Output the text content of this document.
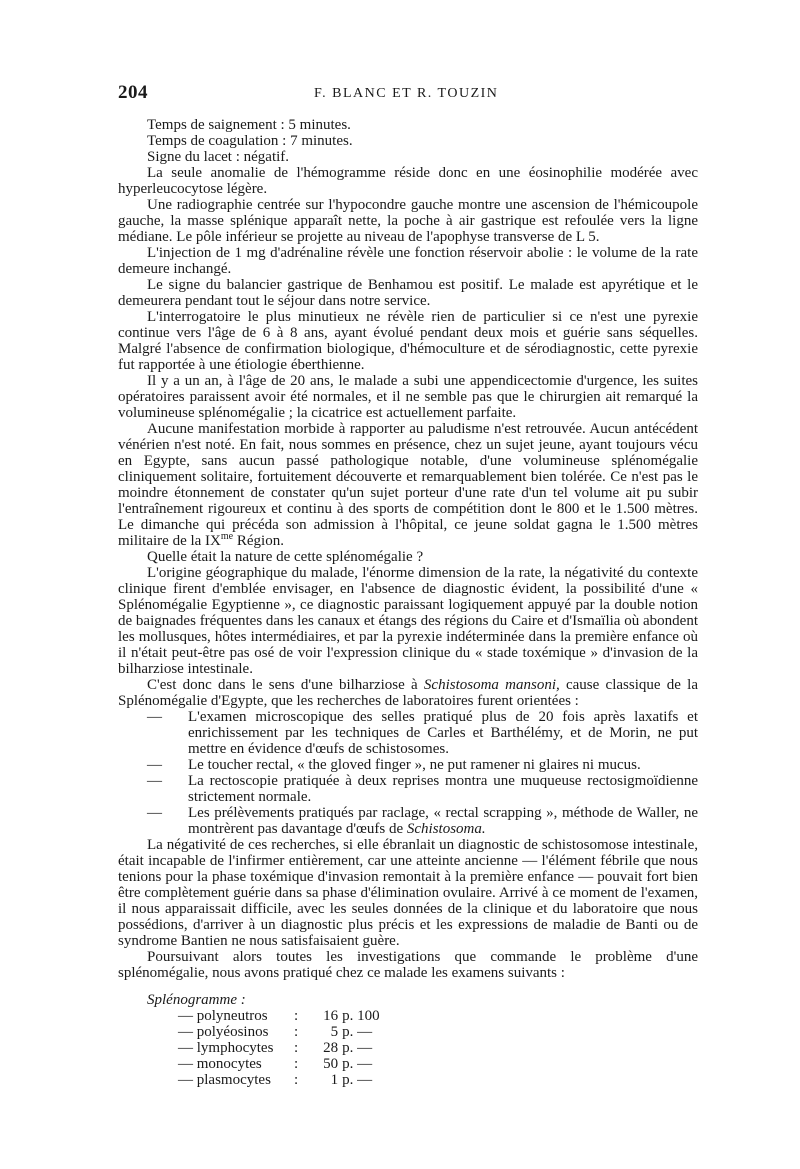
204	F. BLANC ET R. TOUZIN

Temps de saignement : 5 minutes.

Temps de coagulation : 7 minutes.

Signe du lacet : négatif.

La seule anomalie de l'hémogramme réside donc en une éosinophilie modérée avec hyperleucocytose légère.

Une radiographie centrée sur l'hypocondre gauche montre une ascension de l'hémicoupole gauche, la masse splénique apparaît nette, la poche à air gastrique est refoulée vers la ligne médiane. Le pôle inférieur se projette au niveau de l'apophyse transverse de L 5.

L'injection de 1 mg d'adrénaline révèle une fonction réservoir abolie : le volume de la rate demeure inchangé.

Le signe du balancier gastrique de Benhamou est positif. Le malade est apyrétique et le demeurera pendant tout le séjour dans notre service.

L'interrogatoire le plus minutieux ne révèle rien de particulier si ce n'est une pyrexie continue vers l'âge de 6 à 8 ans, ayant évolué pendant deux mois et guérie sans séquelles. Malgré l'absence de confirmation biologique, d'hémoculture et de sérodiagnostic, cette pyrexie fut rapportée à une étiologie éberthienne.

Il y a un an, à l'âge de 20 ans, le malade a subi une appendicectomie d'urgence, les suites opératoires paraissent avoir été normales, et il ne semble pas que le chirurgien ait remarqué la volumineuse splénomégalie ; la cicatrice est actuellement parfaite.

Aucune manifestation morbide à rapporter au paludisme n'est retrouvée. Aucun antécédent vénérien n'est noté. En fait, nous sommes en présence, chez un sujet jeune, ayant toujours vécu en Egypte, sans aucun passé pathologique notable, d'une volumineuse splénomégalie cliniquement solitaire, fortuitement découverte et remarquablement bien tolérée. Ce n'est pas le moindre étonnement de constater qu'un sujet porteur d'une rate d'un tel volume ait pu subir l'entraînement rigoureux et continu à des sports de compétition dont le 800 et le 1.500 mètres. Le dimanche qui précéda son admission à l'hôpital, ce jeune soldat gagna le 1.500 mètres militaire de la $IX^{me}$ Région.

Quelle était la nature de cette splénomégalie ?

L'origine géographique du malade, l'énorme dimension de la rate, la négativité du contexte clinique firent d'emblée envisager, en l'absence de diagnostic évident, la possibilité d'une « Splénomégalie Egyptienne », ce diagnostic paraissant logiquement appuyé par la double notion de baignades fréquentes dans les canaux et étangs des régions du Caire et d'Ismaïlia où abondent les mollusques, hôtes intermédiaires, et par la pyrexie indéterminée dans la première enfance où il n'était peut-être pas osé de voir l'expression clinique du « stade toxémique » d'invasion de la bilharziose intestinale.

C'est donc dans le sens d'une bilharziose à Schistosoma mansoni, cause classique de la Splénomégalie d'Egypte, que les recherches de laboratoires furent orientées :

— L'examen microscopique des selles pratiqué plus de 20 fois après laxatifs et enrichissement par les techniques de Carles et Barthélémy, et de Morin, ne put mettre en évidence d'œufs de schistosomes.
— Le toucher rectal, « the gloved finger », ne put ramener ni glaires ni mucus.
— La rectoscopie pratiquée à deux reprises montra une muqueuse rectosigmoïdienne strictement normale.
— Les prélèvements pratiqués par raclage, « rectal scrapping », méthode de Waller, ne montrèrent pas davantage d'œufs de Schistosoma.

La négativité de ces recherches, si elle ébranlait un diagnostic de schistosomose intestinale, était incapable de l'infirmer entièrement, car une atteinte ancienne — l'élément fébrile que nous tenions pour la phase toxémique d'invasion remontait à la première enfance — pouvait fort bien être complètement guérie dans sa phase d'élimination ovulaire. Arrivé à ce moment de l'examen, il nous apparaissait difficile, avec les seules données de la clinique et du laboratoire que nous possédions, d'arriver à un diagnostic plus précis et les expressions de maladie de Banti ou de syndrome Bantien ne nous satisfaisaient guère.

Poursuivant alors toutes les investigations que commande le problème d'une splénomégalie, nous avons pratiqué chez ce malade les examens suivants :

Splénogramme :
— polyneutros	:	16	p. 100
— polyéosinos	:	5	p. —
— lymphocytes	:	28	p. —
— monocytes	:	50	p. —
— plasmocytes	:	1	p. —
